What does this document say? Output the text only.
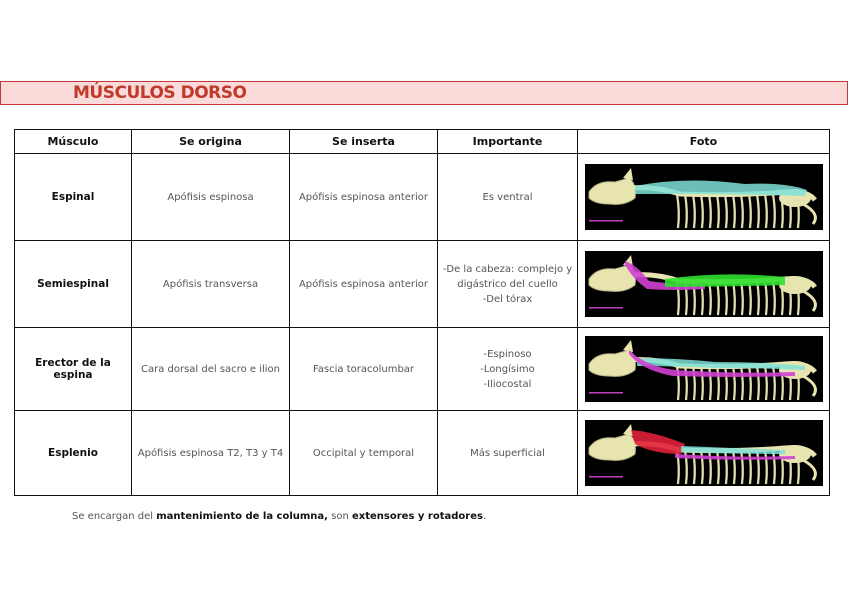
MÚSCULOS DORSO
Músculo	Se origina	Se inserta	Importante	Foto
Espinal	Apófisis espinosa	Apófisis espinosa anterior	Es ventral

Semiespinal	Apófisis transversa	Apófisis espinosa anterior	-De la cabeza: complejo y
digástrico del cuello
-Del tórax

Erector de la espina	Cara dorsal del sacro e ilion	Fascia toracolumbar	-Espinoso
-Longísimo
-Iliocostal

Esplenio	Apófisis espinosa T2, T3 y T4	Occipital y temporal	Más superficial

Se encargan del mantenimiento de la columna, son extensores y rotadores.
